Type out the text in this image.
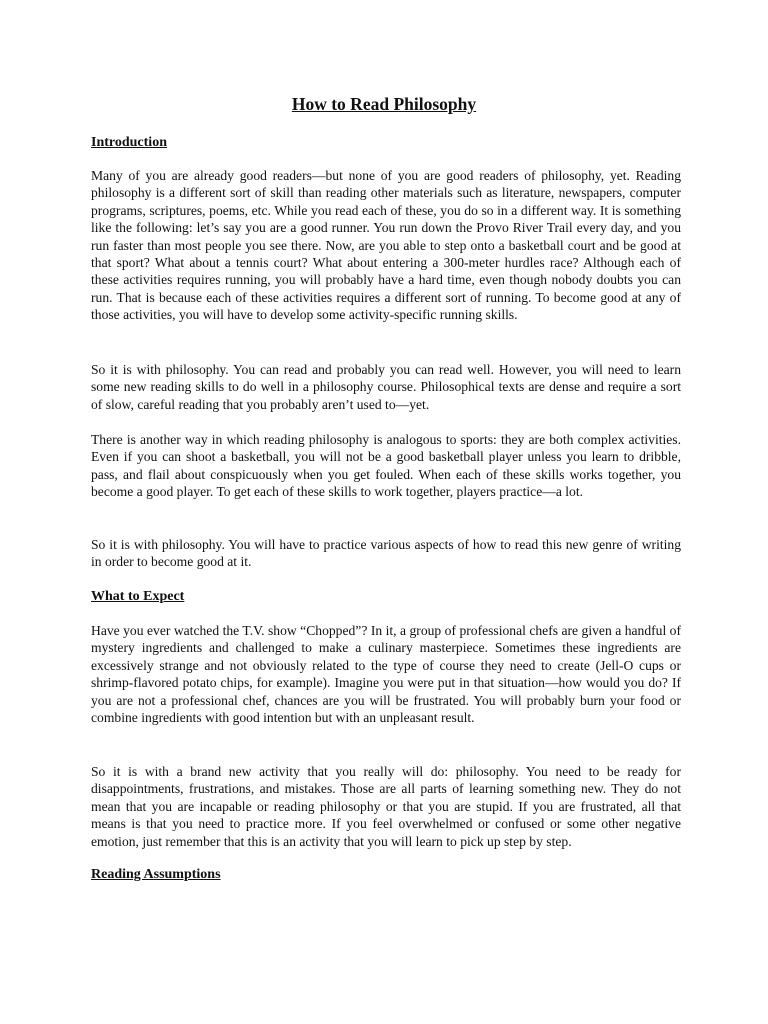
How to Read Philosophy
Introduction

Many of you are already good readers—but none of you are good readers of philosophy, yet. Reading philosophy is a different sort of skill than reading other materials such as literature, newspapers, computer programs, scriptures, poems, etc. While you read each of these, you do so in a different way. It is something like the following: let’s say you are a good runner. You run down the Provo River Trail every day, and you run faster than most people you see there. Now, are you able to step onto a basketball court and be good at that sport? What about a tennis court? What about entering a 300-meter hurdles race? Although each of these activities requires running, you will probably have a hard time, even though nobody doubts you can run. That is because each of these activities requires a different sort of running. To become good at any of those activities, you will have to develop some activity-specific running skills.

So it is with philosophy. You can read and probably you can read well. However, you will need to learn some new reading skills to do well in a philosophy course. Philosophical texts are dense and require a sort of slow, careful reading that you probably aren’t used to—yet.

There is another way in which reading philosophy is analogous to sports: they are both complex activities. Even if you can shoot a basketball, you will not be a good basketball player unless you learn to dribble, pass, and flail about conspicuously when you get fouled. When each of these skills works together, you become a good player. To get each of these skills to work together, players practice—a lot.

So it is with philosophy. You will have to practice various aspects of how to read this new genre of writing in order to become good at it.

What to Expect

Have you ever watched the T.V. show “Chopped”? In it, a group of professional chefs are given a handful of mystery ingredients and challenged to make a culinary masterpiece. Sometimes these ingredients are excessively strange and not obviously related to the type of course they need to create (Jell-O cups or shrimp-flavored potato chips, for example). Imagine you were put in that situation—how would you do? If you are not a professional chef, chances are you will be frustrated. You will probably burn your food or combine ingredients with good intention but with an unpleasant result.

So it is with a brand new activity that you really will do: philosophy. You need to be ready for disappointments, frustrations, and mistakes. Those are all parts of learning something new. They do not mean that you are incapable or reading philosophy or that you are stupid. If you are frustrated, all that means is that you need to practice more. If you feel overwhelmed or confused or some other negative emotion, just remember that this is an activity that you will learn to pick up step by step.

Reading Assumptions
